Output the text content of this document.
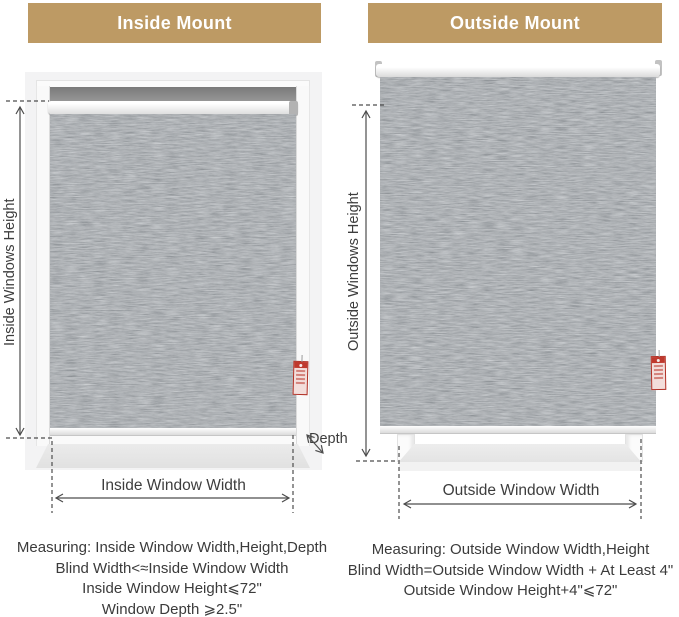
Inside Mount	Outside Mount
Inside Windows Height	Outside Windows Height
Inside Window Width	Outside Window Width
Depth
Measuring: Inside Window Width,Height,Depth
Blind Width<≈Inside Window Width
Inside Window Height⩽72"
Window Depth ⩾2.5"
Measuring: Outside Window Width,Height
Blind Width=Outside Window Width + At Least 4"
Outside Window Height+4"⩽72"
